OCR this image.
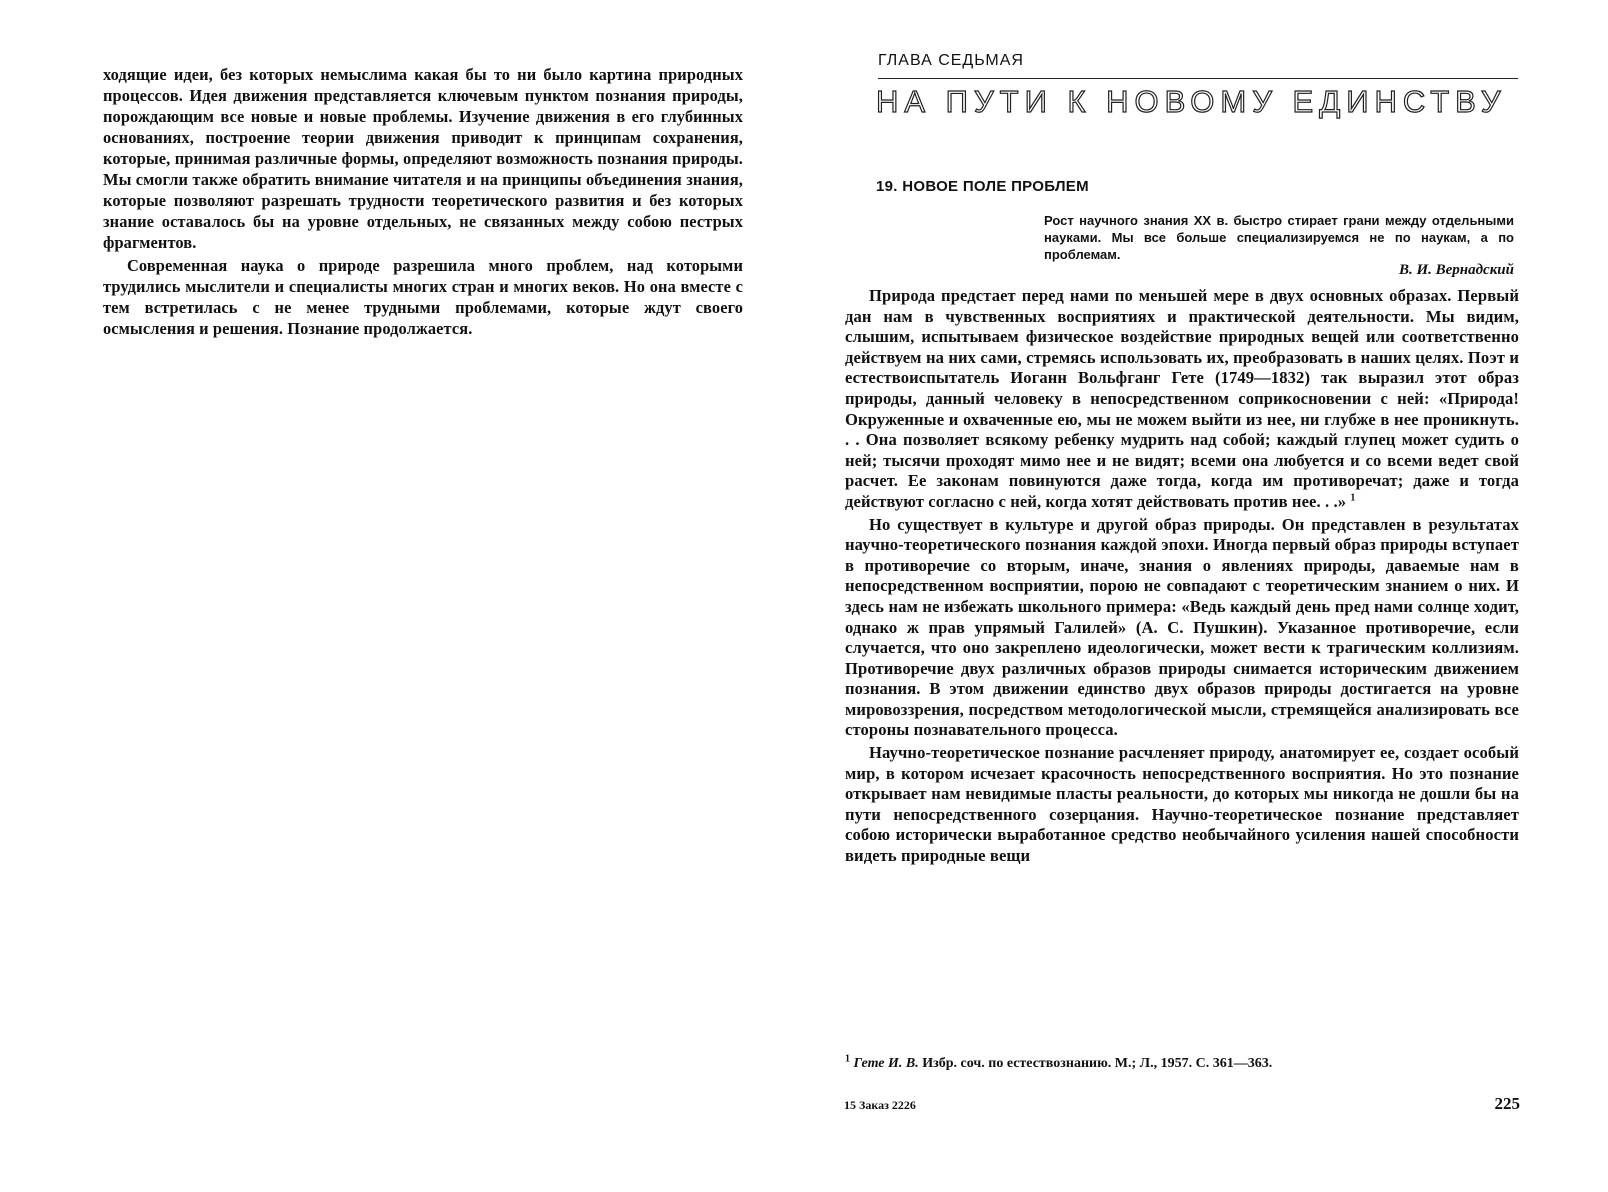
ходящие идеи, без которых немыслима какая бы то ни было картина природных процессов. Идея движения представляется ключевым пунктом познания природы, порождающим все новые и новые проблемы. Изучение движения в его глубинных основаниях, построение теории движения приводит к принципам сохранения, которые, принимая различные формы, определяют возможность познания природы. Мы смогли также обратить внимание читателя и на принципы объединения знания, которые позволяют разрешать трудности теоретического развития и без которых знание оставалось бы на уровне отдельных, не связанных между собою пестрых фрагментов.

Современная наука о природе разрешила много проблем, над которыми трудились мыслители и специалисты многих стран и многих веков. Но она вместе с тем встретилась с не менее трудными проблемами, которые ждут своего осмысления и решения. Познание продолжается.

ГЛАВА СЕДЬМАЯ
НА ПУТИ К НОВОМУ ЕДИНСТВУ
19. НОВОЕ ПОЛЕ ПРОБЛЕМ
Рост научного знания XX в. быстро стирает грани между отдельными науками. Мы все больше специализируемся не по наукам, а по проблемам.
В. И. Вернадский

Природа предстает перед нами по меньшей мере в двух основных образах. Первый дан нам в чувственных восприятиях и практической деятельности. Мы видим, слышим, испытываем физическое воздействие природных вещей или соответственно действуем на них сами, стремясь использовать их, преобразовать в наших целях. Поэт и естествоиспытатель Иоганн Вольфганг Гете (1749—1832) так выразил этот образ природы, данный человеку в непосредственном соприкосновении с ней: «Природа! Окруженные и охваченные ею, мы не можем выйти из нее, ни глубже в нее проникнуть. . . Она позволяет всякому ребенку мудрить над собой; каждый глупец может судить о ней; тысячи проходят мимо нее и не видят; всеми она любуется и со всеми ведет свой расчет. Ее законам повинуются даже тогда, когда им противоречат; даже и тогда действуют согласно с ней, когда хотят действовать против нее. . .» $^1$

Но существует в культуре и другой образ природы. Он представлен в результатах научно-теоретического познания каждой эпохи. Иногда первый образ природы вступает в противоречие со вторым, иначе, знания о явлениях природы, даваемые нам в непосредственном восприятии, порою не совпадают с теоретическим знанием о них. И здесь нам не избежать школьного примера: «Ведь каждый день пред нами солнце ходит, однако ж прав упрямый Галилей» (А. С. Пушкин). Указанное противоречие, если случается, что оно закреплено идеологически, может вести к трагическим коллизиям. Противоречие двух различных образов природы снимается историческим движением познания. В этом движении единство двух образов природы достигается на уровне мировоззрения, посредством методологической мысли, стремящейся анализировать все стороны познавательного процесса.

Научно-теоретическое познание расчленяет природу, анатомирует ее, создает особый мир, в котором исчезает красочность непосредственного восприятия. Но это познание открывает нам невидимые пласты реальности, до которых мы никогда не дошли бы на пути непосредственного созерцания. Научно-теоретическое познание представляет собою исторически выработанное средство необычайного усиления нашей способности видеть природные вещи

$^1$ Гете И. В. Избр. соч. по естествознанию. М.; Л., 1957. С. 361—363.
15 Заказ 2226	225
